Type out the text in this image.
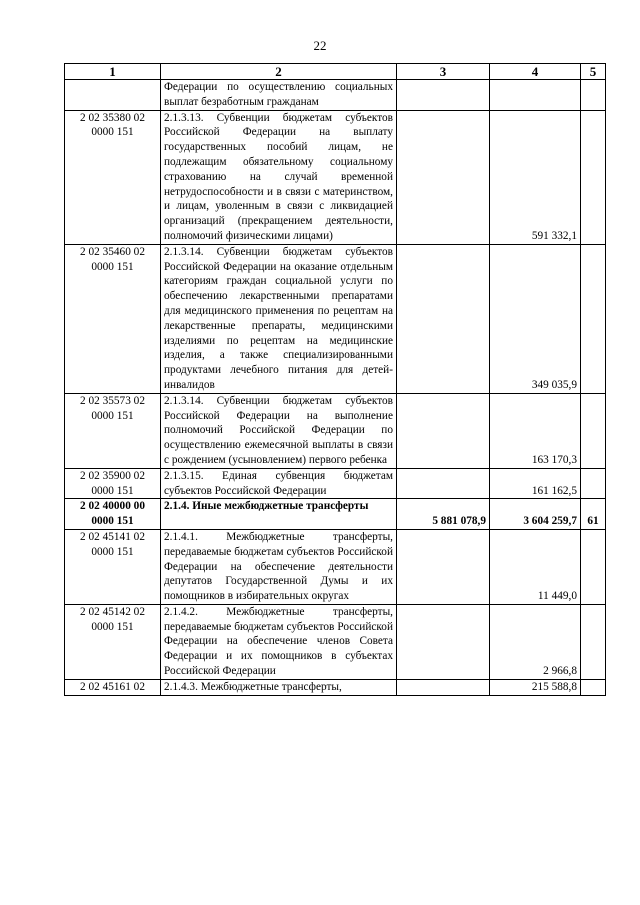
22
1	2	3	4	5
	Федерации по осуществлению социальных выплат безработным гражданам			
2 02 35380 02 0000 151	2.1.3.13. Субвенции бюджетам субъектов Российской Федерации на выплату государственных пособий лицам, не подлежащим обязательному социальному страхованию на случай временной нетрудоспособности и в связи с материнством, и лицам, уволенным в связи с ликвидацией организаций (прекращением деятельности, полномочий физическими лицами)		591 332,1	
2 02 35460 02 0000 151	2.1.3.14. Субвенции бюджетам субъектов Российской Федерации на оказание отдельным категориям граждан социальной услуги по обеспечению лекарственными препаратами для медицинского применения по рецептам на лекарственные препараты, медицинскими изделиями по рецептам на медицинские изделия, а также специализированными продуктами лечебного питания для детей-инвалидов		349 035,9	
2 02 35573 02 0000 151	2.1.3.14. Субвенции бюджетам субъектов Российской Федерации на выполнение полномочий Российской Федерации по осуществлению ежемесячной выплаты в связи с рождением (усыновлением) первого ребенка		163 170,3	
2 02 35900 02 0000 151	2.1.3.15. Единая субвенция бюджетам субъектов Российской Федерации		161 162,5	
2 02 40000 00 0000 151	2.1.4. Иные межбюджетные трансферты	5 881 078,9	3 604 259,7	61
2 02 45141 02 0000 151	2.1.4.1. Межбюджетные трансферты, передаваемые бюджетам субъектов Российской Федерации на обеспечение деятельности депутатов Государственной Думы и их помощников в избирательных округах		11 449,0	
2 02 45142 02 0000 151	2.1.4.2. Межбюджетные трансферты, передаваемые бюджетам субъектов Российской Федерации на обеспечение членов Совета Федерации и их помощников в субъектах Российской Федерации		2 966,8	
2 02 45161 02	2.1.4.3. Межбюджетные трансферты,		215 588,8	
